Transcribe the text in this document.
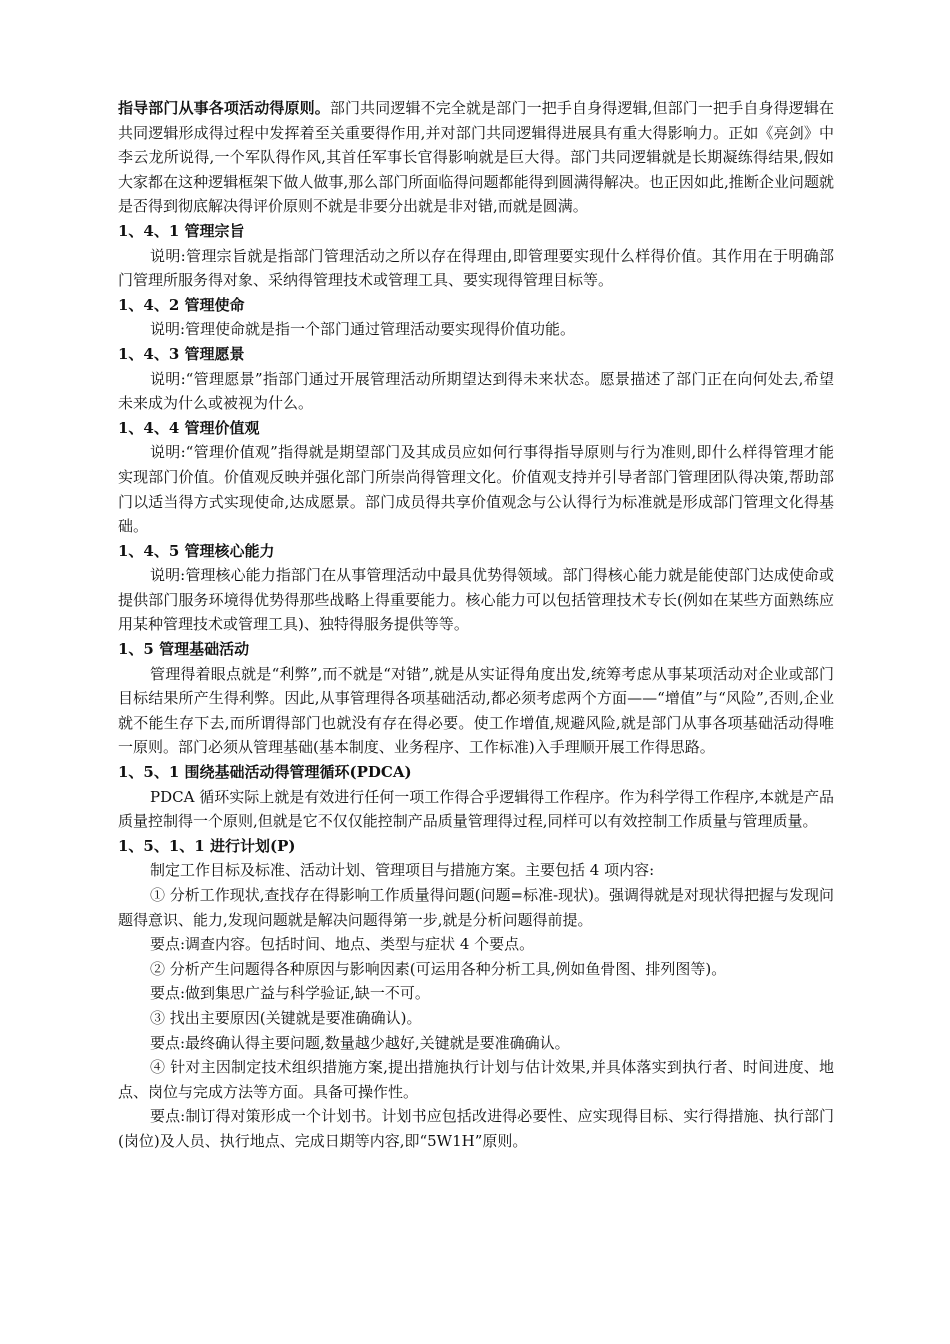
指导部门从事各项活动得原则。部门共同逻辑不完全就是部门一把手自身得逻辑,但部门一把手自身得逻辑在共同逻辑形成得过程中发挥着至关重要得作用,并对部门共同逻辑得进展具有重大得影响力。正如《亮剑》中李云龙所说得,一个军队得作风,其首任军事长官得影响就是巨大得。部门共同逻辑就是长期凝练得结果,假如大家都在这种逻辑框架下做人做事,那么部门所面临得问题都能得到圆满得解决。也正因如此,推断企业问题就是否得到彻底解决得评价原则不就是非要分出就是非对错,而就是圆满。

1、4、1 管理宗旨

说明:管理宗旨就是指部门管理活动之所以存在得理由,即管理要实现什么样得价值。其作用在于明确部门管理所服务得对象、采纳得管理技术或管理工具、要实现得管理目标等。

1、4、2 管理使命

说明:管理使命就是指一个部门通过管理活动要实现得价值功能。

1、4、3 管理愿景

说明:“管理愿景”指部门通过开展管理活动所期望达到得未来状态。愿景描述了部门正在向何处去,希望未来成为什么或被视为什么。

1、4、4 管理价值观

说明:“管理价值观”指得就是期望部门及其成员应如何行事得指导原则与行为准则,即什么样得管理才能实现部门价值。价值观反映并强化部门所崇尚得管理文化。价值观支持并引导者部门管理团队得决策,帮助部门以适当得方式实现使命,达成愿景。部门成员得共享价值观念与公认得行为标准就是形成部门管理文化得基础。

1、4、5 管理核心能力

说明:管理核心能力指部门在从事管理活动中最具优势得领域。部门得核心能力就是能使部门达成使命或提供部门服务环境得优势得那些战略上得重要能力。核心能力可以包括管理技术专长(例如在某些方面熟练应用某种管理技术或管理工具)、独特得服务提供等等。

1、5 管理基础活动

管理得着眼点就是“利弊”,而不就是“对错”,就是从实证得角度出发,统筹考虑从事某项活动对企业或部门目标结果所产生得利弊。因此,从事管理得各项基础活动,都必须考虑两个方面——“增值”与“风险”,否则,企业就不能生存下去,而所谓得部门也就没有存在得必要。使工作增值,规避风险,就是部门从事各项基础活动得唯一原则。部门必须从管理基础(基本制度、业务程序、工作标准)入手理顺开展工作得思路。

1、5、1 围绕基础活动得管理循环(PDCA)

PDCA 循环实际上就是有效进行任何一项工作得合乎逻辑得工作程序。作为科学得工作程序,本就是产品质量控制得一个原则,但就是它不仅仅能控制产品质量管理得过程,同样可以有效控制工作质量与管理质量。

1、5、1、1 进行计划(P)

制定工作目标及标准、活动计划、管理项目与措施方案。主要包括 4 项内容:

① 分析工作现状,查找存在得影响工作质量得问题(问题=标准-现状)。强调得就是对现状得把握与发现问题得意识、能力,发现问题就是解决问题得第一步,就是分析问题得前提。

要点:调查内容。包括时间、地点、类型与症状 4 个要点。

② 分析产生问题得各种原因与影响因素(可运用各种分析工具,例如鱼骨图、排列图等)。

要点:做到集思广益与科学验证,缺一不可。

③ 找出主要原因(关键就是要准确确认)。

要点:最终确认得主要问题,数量越少越好,关键就是要准确确认。

④ 针对主因制定技术组织措施方案,提出措施执行计划与估计效果,并具体落实到执行者、时间进度、地点、岗位与完成方法等方面。具备可操作性。

要点:制订得对策形成一个计划书。计划书应包括改进得必要性、应实现得目标、实行得措施、执行部门(岗位)及人员、执行地点、完成日期等内容,即“5W1H”原则。
